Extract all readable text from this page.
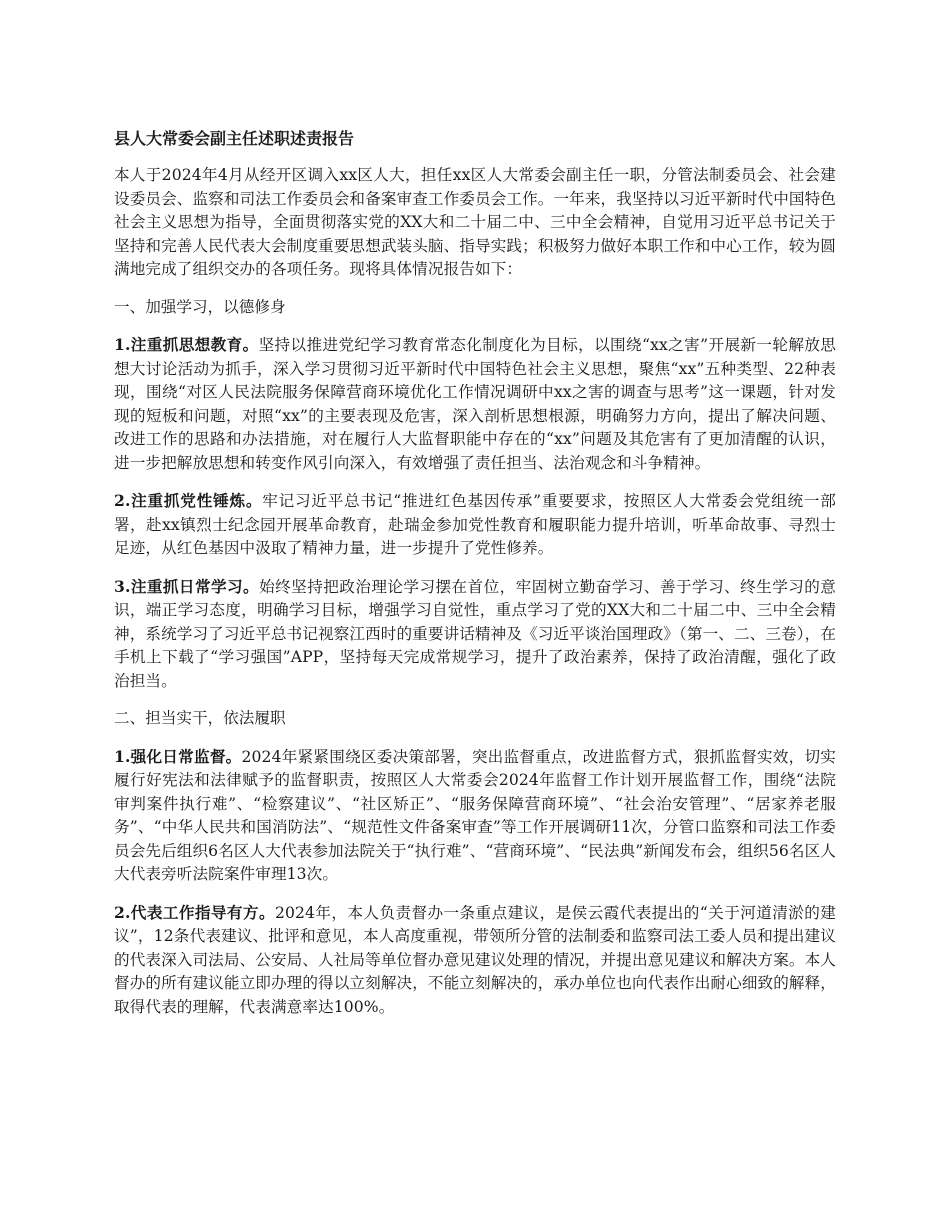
县人大常委会副主任述职述责报告

本人于2024年4月从经开区调入xx区人大，担任xx区人大常委会副主任一职，分管法制委员会、社会建设委员会、监察和司法工作委员会和备案审查工作委员会工作。一年来，我坚持以习近平新时代中国特色社会主义思想为指导，全面贯彻落实党的XX大和二十届二中、三中全会精神，自觉用习近平总书记关于坚持和完善人民代表大会制度重要思想武装头脑、指导实践；积极努力做好本职工作和中心工作，较为圆满地完成了组织交办的各项任务。现将具体情况报告如下：

一、加强学习，以德修身

1.注重抓思想教育。坚持以推进党纪学习教育常态化制度化为目标，以围绕“xx之害”开展新一轮解放思想大讨论活动为抓手，深入学习贯彻习近平新时代中国特色社会主义思想，聚焦“xx”五种类型、22种表现，围绕“对区人民法院服务保障营商环境优化工作情况调研中xx之害的调查与思考”这一课题，针对发现的短板和问题，对照“xx”的主要表现及危害，深入剖析思想根源，明确努力方向，提出了解决问题、改进工作的思路和办法措施，对在履行人大监督职能中存在的“xx”问题及其危害有了更加清醒的认识，进一步把解放思想和转变作风引向深入，有效增强了责任担当、法治观念和斗争精神。

2.注重抓党性锤炼。牢记习近平总书记“推进红色基因传承”重要要求，按照区人大常委会党组统一部署，赴xx镇烈士纪念园开展革命教育，赴瑞金参加党性教育和履职能力提升培训，听革命故事、寻烈士足迹，从红色基因中汲取了精神力量，进一步提升了党性修养。

3.注重抓日常学习。始终坚持把政治理论学习摆在首位，牢固树立勤奋学习、善于学习、终生学习的意识，端正学习态度，明确学习目标，增强学习自觉性，重点学习了党的XX大和二十届二中、三中全会精神，系统学习了习近平总书记视察江西时的重要讲话精神及《习近平谈治国理政》（第一、二、三卷），在手机上下载了“学习强国”APP，坚持每天完成常规学习，提升了政治素养，保持了政治清醒，强化了政治担当。

二、担当实干，依法履职

1.强化日常监督。2024年紧紧围绕区委决策部署，突出监督重点，改进监督方式，狠抓监督实效，切实履行好宪法和法律赋予的监督职责，按照区人大常委会2024年监督工作计划开展监督工作，围绕“法院审判案件执行难”、“检察建议”、“社区矫正”、“服务保障营商环境”、“社会治安管理”、“居家养老服务”、“中华人民共和国消防法”、“规范性文件备案审查”等工作开展调研11次，分管口监察和司法工作委员会先后组织6名区人大代表参加法院关于“执行难”、“营商环境”、“民法典”新闻发布会，组织56名区人大代表旁听法院案件审理13次。

2.代表工作指导有方。2024年，本人负责督办一条重点建议，是侯云霞代表提出的“关于河道清淤的建议”，12条代表建议、批评和意见，本人高度重视，带领所分管的法制委和监察司法工委人员和提出建议的代表深入司法局、公安局、人社局等单位督办意见建议处理的情况，并提出意见建议和解决方案。本人督办的所有建议能立即办理的得以立刻解决，不能立刻解决的，承办单位也向代表作出耐心细致的解释，取得代表的理解，代表满意率达100%。
